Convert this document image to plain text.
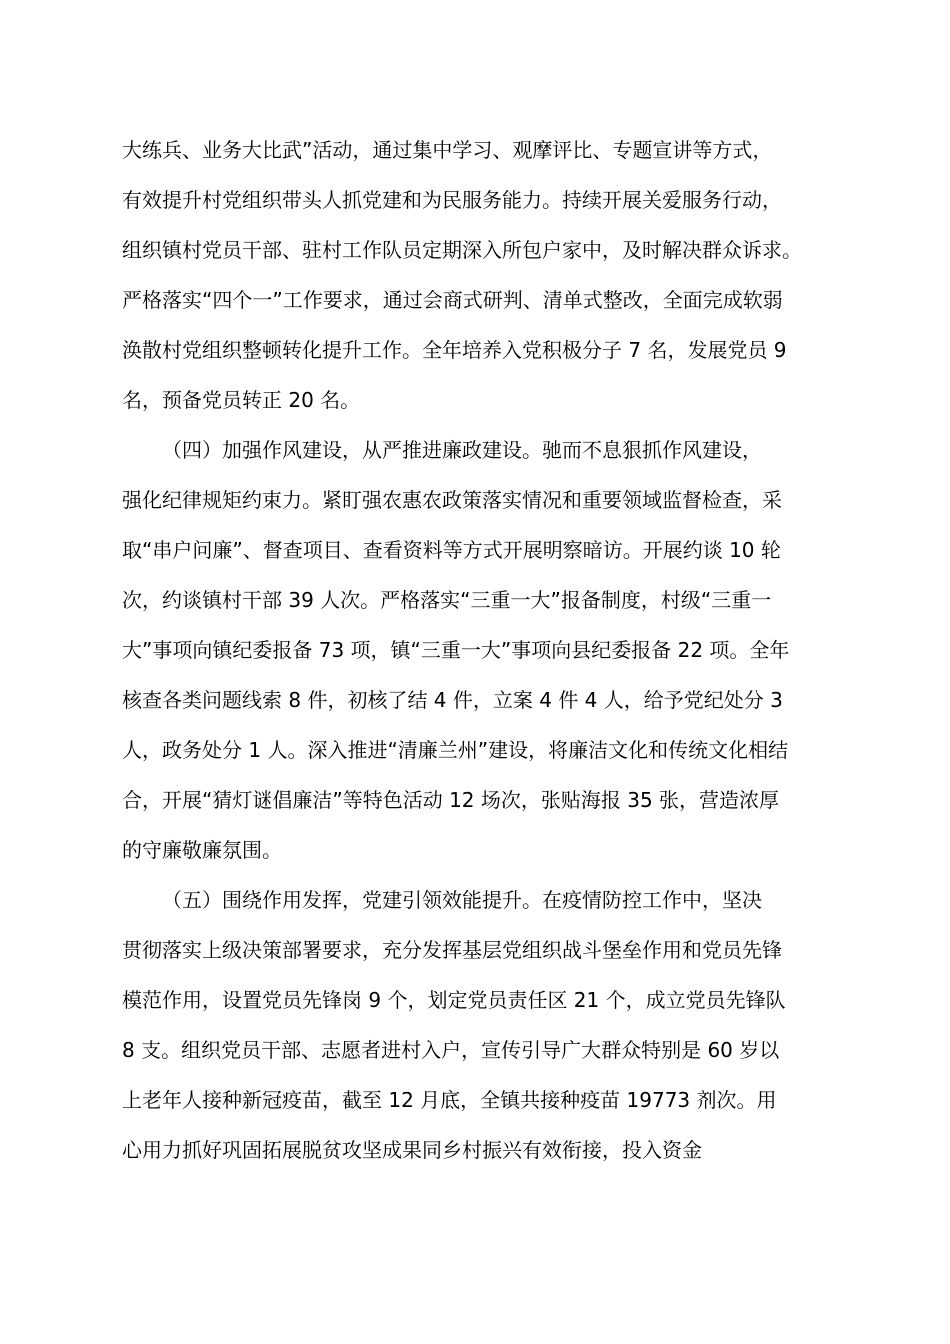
大练兵、业务大比武”活动，通过集中学习、观摩评比、专题宣讲等方式，
有效提升村党组织带头人抓党建和为民服务能力。持续开展关爱服务行动，
组织镇村党员干部、驻村工作队员定期深入所包户家中，及时解决群众诉求。
严格落实“四个一”工作要求，通过会商式研判、清单式整改，全面完成软弱
涣散村党组织整顿转化提升工作。全年培养入党积极分子 7 名，发展党员 9
名，预备党员转正 20 名。
（四）加强作风建设，从严推进廉政建设。驰而不息狠抓作风建设，
强化纪律规矩约束力。紧盯强农惠农政策落实情况和重要领域监督检查，采
取“串户问廉”、督查项目、查看资料等方式开展明察暗访。开展约谈 10 轮
次，约谈镇村干部 39 人次。严格落实“三重一大”报备制度，村级“三重一
大”事项向镇纪委报备 73 项，镇“三重一大”事项向县纪委报备 22 项。全年
核查各类问题线索 8 件，初核了结 4 件，立案 4 件 4 人，给予党纪处分 3
人，政务处分 1 人。深入推进“清廉兰州”建设，将廉洁文化和传统文化相结
合，开展“猜灯谜倡廉洁”等特色活动 12 场次，张贴海报 35 张，营造浓厚
的守廉敬廉氛围。
（五）围绕作用发挥，党建引领效能提升。在疫情防控工作中，坚决
贯彻落实上级决策部署要求，充分发挥基层党组织战斗堡垒作用和党员先锋
模范作用，设置党员先锋岗 9 个，划定党员责任区 21 个，成立党员先锋队
8 支。组织党员干部、志愿者进村入户，宣传引导广大群众特别是 60 岁以
上老年人接种新冠疫苗，截至 12 月底，全镇共接种疫苗 19773 剂次。用
心用力抓好巩固拓展脱贫攻坚成果同乡村振兴有效衔接，投入资金
